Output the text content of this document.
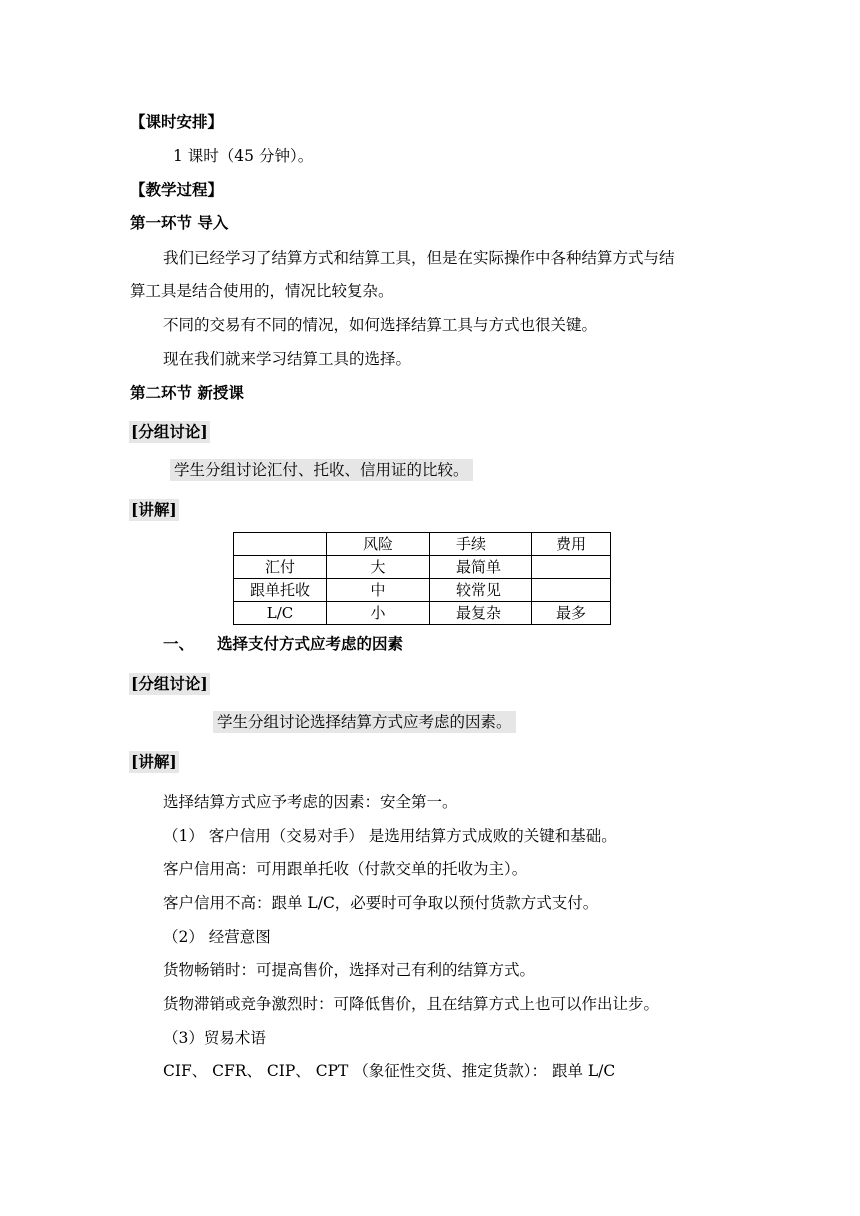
【课时安排】
1 课时（45 分钟）。
【教学过程】
第一环节 导入
我们已经学习了结算方式和结算工具，但是在实际操作中各种结算方式与结
算工具是结合使用的，情况比较复杂。
不同的交易有不同的情况，如何选择结算工具与方式也很关键。
现在我们就来学习结算工具的选择。
第二环节 新授课
[分组讨论]
学生分组讨论汇付、托收、信用证的比较。
[讲解]
	风险	手续	费用
汇付	大	最简单	
跟单托收	中	较常见	
L/C	小	最复杂	最多
一、 选择支付方式应考虑的因素
[分组讨论]
学生分组讨论选择结算方式应考虑的因素。
[讲解]
选择结算方式应予考虑的因素：安全第一。
（1） 客户信用（交易对手） 是选用结算方式成败的关键和基础。
客户信用高：可用跟单托收（付款交单的托收为主）。
客户信用不高：跟单 L/C，必要时可争取以预付货款方式支付。
（2） 经营意图
货物畅销时：可提高售价，选择对己有利的结算方式。
货物滞销或竞争激烈时：可降低售价，且在结算方式上也可以作出让步。
（3）贸易术语
CIF、 CFR、 CIP、 CPT （象征性交货、推定货款）： 跟单 L/C
